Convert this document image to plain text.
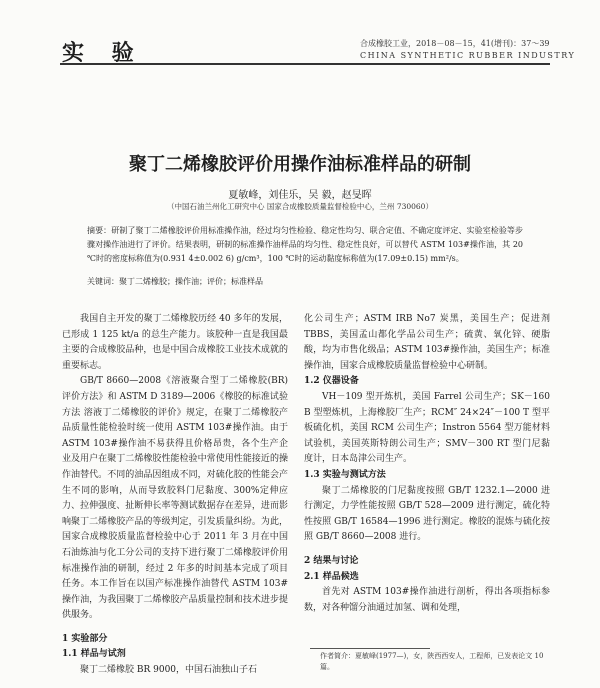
实 验	合成橡胶工业，2018－08－15，41(增刊)：37～39
CHINA SYNTHETIC RUBBER INDUSTRY
聚丁二烯橡胶评价用操作油标准样品的研制
夏敏峰，刘佳乐，吴 毅，赵旻晖
（中国石油兰州化工研究中心 国家合成橡胶质量监督检验中心，兰州 730060）
摘要：研制了聚丁二烯橡胶评价用标准操作油，经过均匀性检验、稳定性均匀、联合定值、不确定度评定、实验室检验等步骤对操作油进行了评价。结果表明，研制的标准操作油样品的均匀性、稳定性良好，可以替代 ASTM 103#操作油，其 20 ℃时的密度标称值为(0.931 4±0.002 6) g/cm³，100 ℃时的运动黏度标称值为(17.09±0.15) mm²/s。
关键词：聚丁二烯橡胶；操作油；评价；标准样品

我国自主开发的聚丁二烯橡胶历经 40 多年的发展，已形成 1 125 kt/a 的总生产能力。该胶种一直是我国最主要的合成橡胶品种，也是中国合成橡胶工业技术成就的重要标志。

GB/T 8660—2008《溶液聚合型丁二烯橡胶(BR)评价方法》和 ASTM D 3189—2006《橡胶的标准试验方法 溶液丁二烯橡胶的评价》规定，在聚丁二烯橡胶产品质量性能检验时统一使用 ASTM 103#操作油。由于 ASTM 103#操作油不易获得且价格昂贵，各个生产企业及用户在聚丁二烯橡胶性能检验中常使用性能接近的操作油替代。不同的油品因组成不同，对硫化胶的性能会产生不同的影响，从而导致胶料门尼黏度、300%定伸应力、拉伸强度、扯断伸长率等测试数据存在差异，进而影响聚丁二烯橡胶产品的等级判定，引发质量纠纷。为此，国家合成橡胶质量监督检验中心于 2011 年 3 月在中国石油炼油与化工分公司的支持下进行聚丁二烯橡胶评价用标准操作油的研制，经过 2 年多的时间基本完成了项目任务。本工作旨在以国产标准操作油替代 ASTM 103#操作油，为我国聚丁二烯橡胶产品质量控制和技术进步提供服务。

1 实验部分

1.1 样品与试剂

聚丁二烯橡胶 BR 9000，中国石油独山子石

化公司生产；ASTM IRB No7 炭黑，美国生产；促进剂 TBBS，美国孟山都化学品公司生产；硫黄、氧化锌、硬脂酸，均为市售化级品；ASTM 103#操作油，美国生产；标准操作油，国家合成橡胶质量监督检验中心研制。

1.2 仪器设备

VH－109 型开炼机，美国 Farrel 公司生产；SK－160 B 型塑炼机，上海橡胶厂生产；RCM″ 24×24″－100 T 型平板硫化机，美国 RCM 公司生产；Instron 5564 型万能材料试验机，美国英斯特朗公司生产；SMV－300 RT 型门尼黏度计，日本岛津公司生产。

1.3 实验与测试方法

聚丁二烯橡胶的门尼黏度按照 GB/T 1232.1—2000 进行测定，力学性能按照 GB/T 528—2009 进行测定，硫化特性按照 GB/T 16584—1996 进行测定。橡胶的混炼与硫化按照 GB/T 8660—2008 进行。

2 结果与讨论

2.1 样品候选

首先对 ASTM 103#操作油进行剖析，得出各项指标参数，对各种馏分油通过加氢、调和处理，

作者简介：夏敏峰(1977—)，女，陕西西安人，工程师，已发表论文 10 篇。
